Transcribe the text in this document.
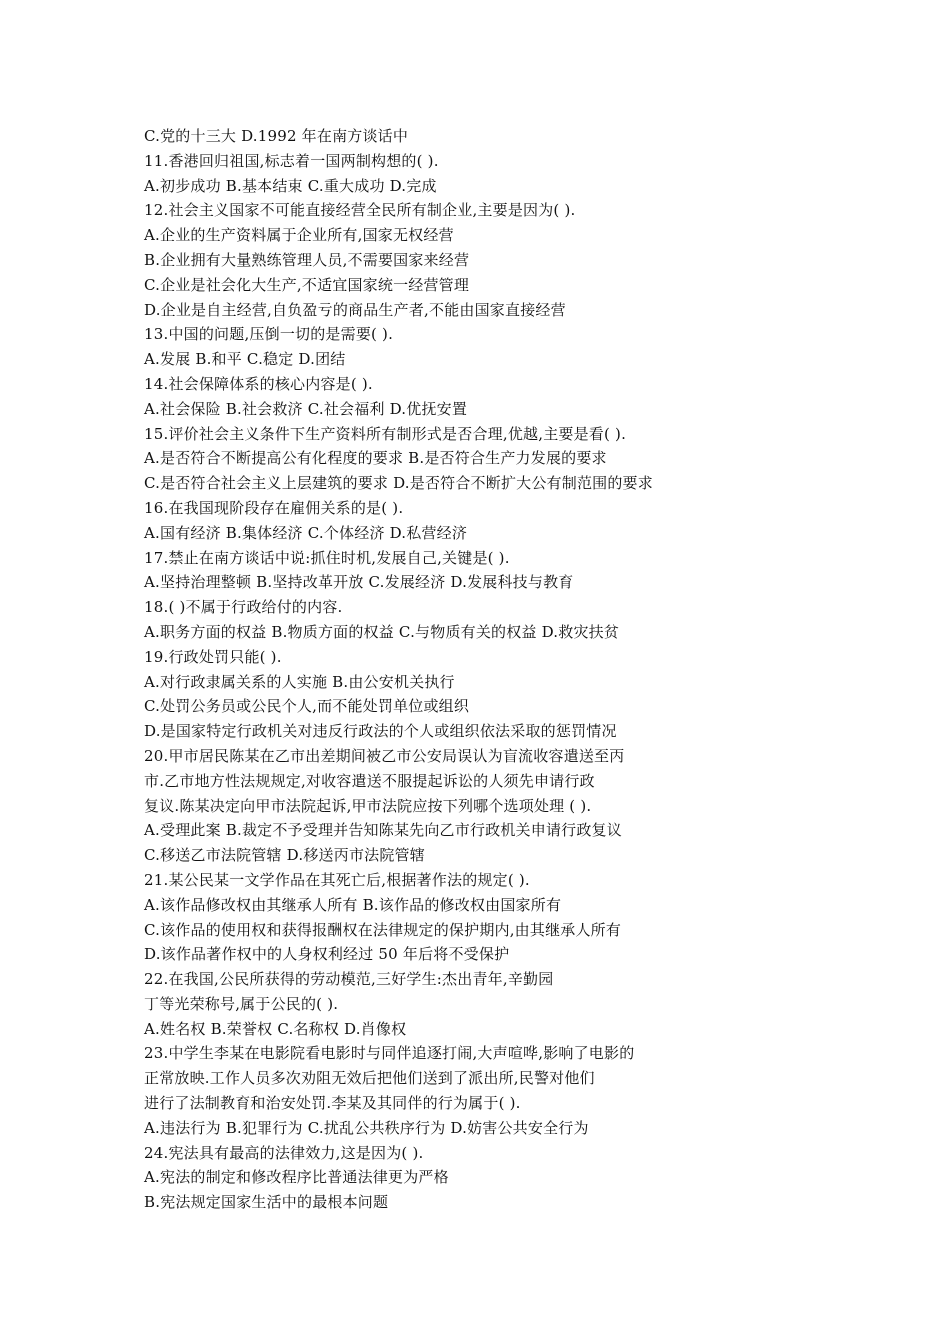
C.党的十三大 D.1992 年在南方谈话中
11.香港回归祖国,标志着一国两制构想的( ).
A.初步成功 B.基本结束 C.重大成功 D.完成
12.社会主义国家不可能直接经营全民所有制企业,主要是因为( ).
A.企业的生产资料属于企业所有,国家无权经营
B.企业拥有大量熟练管理人员,不需要国家来经营
C.企业是社会化大生产,不适宜国家统一经营管理
D.企业是自主经营,自负盈亏的商品生产者,不能由国家直接经营
13.中国的问题,压倒一切的是需要( ).
A.发展 B.和平 C.稳定 D.团结
14.社会保障体系的核心内容是( ).
A.社会保险 B.社会救济 C.社会福利 D.优抚安置
15.评价社会主义条件下生产资料所有制形式是否合理,优越,主要是看( ).
A.是否符合不断提高公有化程度的要求 B.是否符合生产力发展的要求
C.是否符合社会主义上层建筑的要求 D.是否符合不断扩大公有制范围的要求
16.在我国现阶段存在雇佣关系的是( ).
A.国有经济 B.集体经济 C.个体经济 D.私营经济
17.禁止在南方谈话中说:抓住时机,发展自己,关键是( ).
A.坚持治理整顿 B.坚持改革开放 C.发展经济 D.发展科技与教育
18.( )不属于行政给付的内容.
A.职务方面的权益 B.物质方面的权益 C.与物质有关的权益 D.救灾扶贫
19.行政处罚只能( ).
A.对行政隶属关系的人实施 B.由公安机关执行
C.处罚公务员或公民个人,而不能处罚单位或组织
D.是国家特定行政机关对违反行政法的个人或组织依法采取的惩罚情况
20.甲市居民陈某在乙市出差期间被乙市公安局误认为盲流收容遣送至丙
市.乙市地方性法规规定,对收容遣送不服提起诉讼的人须先申请行政
复议.陈某决定向甲市法院起诉,甲市法院应按下列哪个选项处理 ( ).
A.受理此案 B.裁定不予受理并告知陈某先向乙市行政机关申请行政复议
C.移送乙市法院管辖 D.移送丙市法院管辖
21.某公民某一文学作品在其死亡后,根据著作法的规定( ).
A.该作品修改权由其继承人所有 B.该作品的修改权由国家所有
C.该作品的使用权和获得报酬权在法律规定的保护期内,由其继承人所有
D.该作品著作权中的人身权利经过 50 年后将不受保护
22.在我国,公民所获得的劳动模范,三好学生:杰出青年,辛勤园
丁等光荣称号,属于公民的( ).
A.姓名权 B.荣誉权 C.名称权 D.肖像权
23.中学生李某在电影院看电影时与同伴追逐打闹,大声喧哗,影响了电影的
正常放映.工作人员多次劝阻无效后把他们送到了派出所,民警对他们
进行了法制教育和治安处罚.李某及其同伴的行为属于( ).
A.违法行为 B.犯罪行为 C.扰乱公共秩序行为 D.妨害公共安全行为
24.宪法具有最高的法律效力,这是因为( ).
A.宪法的制定和修改程序比普通法律更为严格
B.宪法规定国家生活中的最根本问题
